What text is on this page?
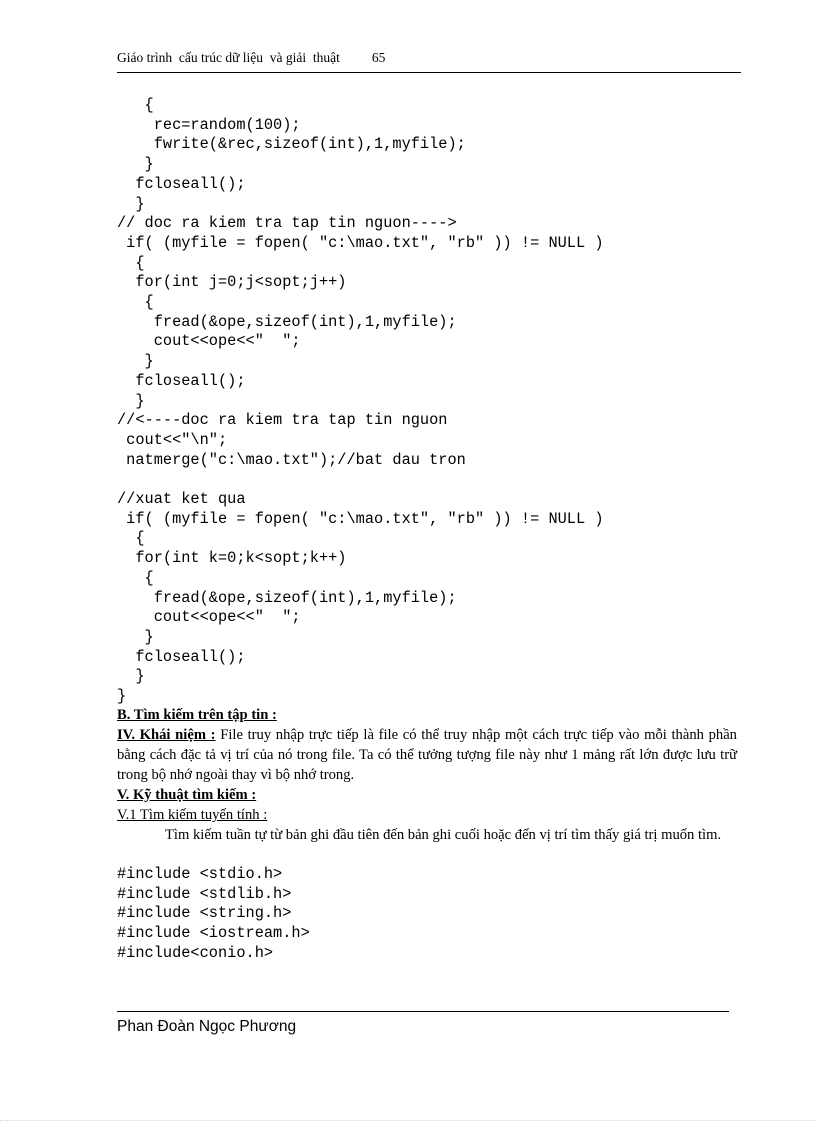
Giáo trình  cấu trúc dữ liệu  và giải  thuật 65
{
rec=random(100);
fwrite(&rec,sizeof(int),1,myfile);
}
fcloseall();
}
// doc ra kiem tra tap tin nguon---->
if( (myfile = fopen( "c:\mao.txt", "rb" )) != NULL )
{
for(int j=0;j<sopt;j++)
{
fread(&ope,sizeof(int),1,myfile);
cout<<ope<<"  ";
}
fcloseall();
}
//<----doc ra kiem tra tap tin nguon
cout<<"\n";
natmerge("c:\mao.txt");//bat dau tron

//xuat ket qua
if( (myfile = fopen( "c:\mao.txt", "rb" )) != NULL )
{
for(int k=0;k<sopt;k++)
{
fread(&ope,sizeof(int),1,myfile);
cout<<ope<<"  ";
}
fcloseall();
}
}

B. Tìm kiếm trên tập tin :

IV. Khái niệm : File truy nhập trực tiếp là file có thể truy nhập một cách trực tiếp vào mỗi thành phần bằng cách đặc tả vị trí của nó trong file. Ta có thể tưởng tượng file này như 1 mảng rất lớn được lưu trữ trong bộ nhớ ngoài thay vì bộ nhớ trong.

V. Kỹ thuật tìm kiếm :

V.1 Tìm kiếm tuyến tính :

Tìm kiếm tuần tự từ bản ghi đầu tiên đến bản ghi cuối hoặc đến vị trí tìm thấy giá trị muốn tìm.

#include <stdio.h>
#include <stdlib.h>
#include <string.h>
#include <iostream.h>
#include<conio.h>
Phan Đoàn Ngọc Phương
